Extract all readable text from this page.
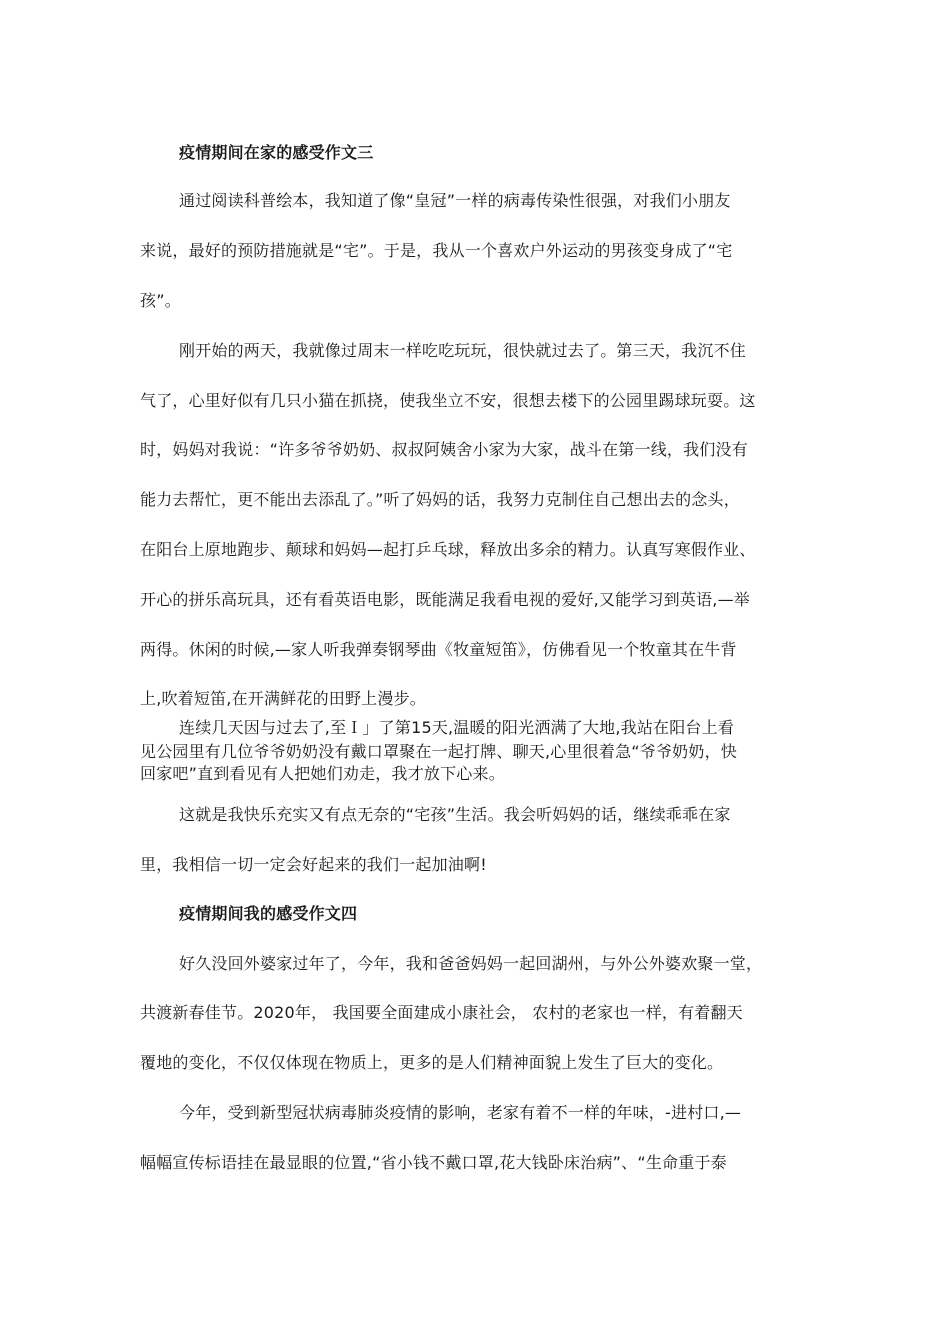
疫情期间在家的感受作文三
通过阅读科普绘本，我知道了像“皇冠”一样的病毒传染性很强，对我们小朋友
来说，最好的预防措施就是“宅”。于是，我从一个喜欢户外运动的男孩变身成了“宅
孩”。
刚开始的两天，我就像过周末一样吃吃玩玩，很快就过去了。第三天，我沉不住
气了，心里好似有几只小猫在抓挠，使我坐立不安，很想去楼下的公园里踢球玩耍。这
时，妈妈对我说：“许多爷爷奶奶、叔叔阿姨舍小家为大家，战斗在第一线，我们没有
能力去帮忙，更不能出去添乱了。”听了妈妈的话，我努力克制住自己想出去的念头，
在阳台上原地跑步、颠球和妈妈—起打乒乓球，释放出多余的精力。认真写寒假作业、
开心的拼乐高玩具，还有看英语电影，既能满足我看电视的爱好,又能学习到英语,—举
两得。休闲的时候,—家人听我弹奏钢琴曲《牧童短笛》，仿佛看见一个牧童其在牛背
上,吹着短笛,在开满鲜花的田野上漫步。
连续几天因与过去了,至Ｉ」了第15天,温暖的阳光洒满了大地,我站在阳台上看
见公园里有几位爷爷奶奶没有戴口罩聚在一起打牌、聊天,心里很着急“爷爷奶奶，快
回家吧”直到看见有人把她们劝走，我才放下心来。
这就是我快乐充实又有点无奈的“宅孩”生活。我会听妈妈的话，继续乖乖在家
里，我相信一切一定会好起来的我们一起加油啊!
疫情期间我的感受作文四
好久没回外婆家过年了，今年，我和爸爸妈妈一起回湖州，与外公外婆欢聚一堂，
共渡新春佳节。2020年， 我国要全面建成小康社会， 农村的老家也一样，有着翻天
覆地的变化，不仅仅体现在物质上，更多的是人们精神面貌上发生了巨大的变化。
今年，受到新型冠状病毒肺炎疫情的影响，老家有着不一样的年味，-进村口,—
幅幅宣传标语挂在最显眼的位置,“省小钱不戴口罩,花大钱卧床治病”、“生命重于泰
